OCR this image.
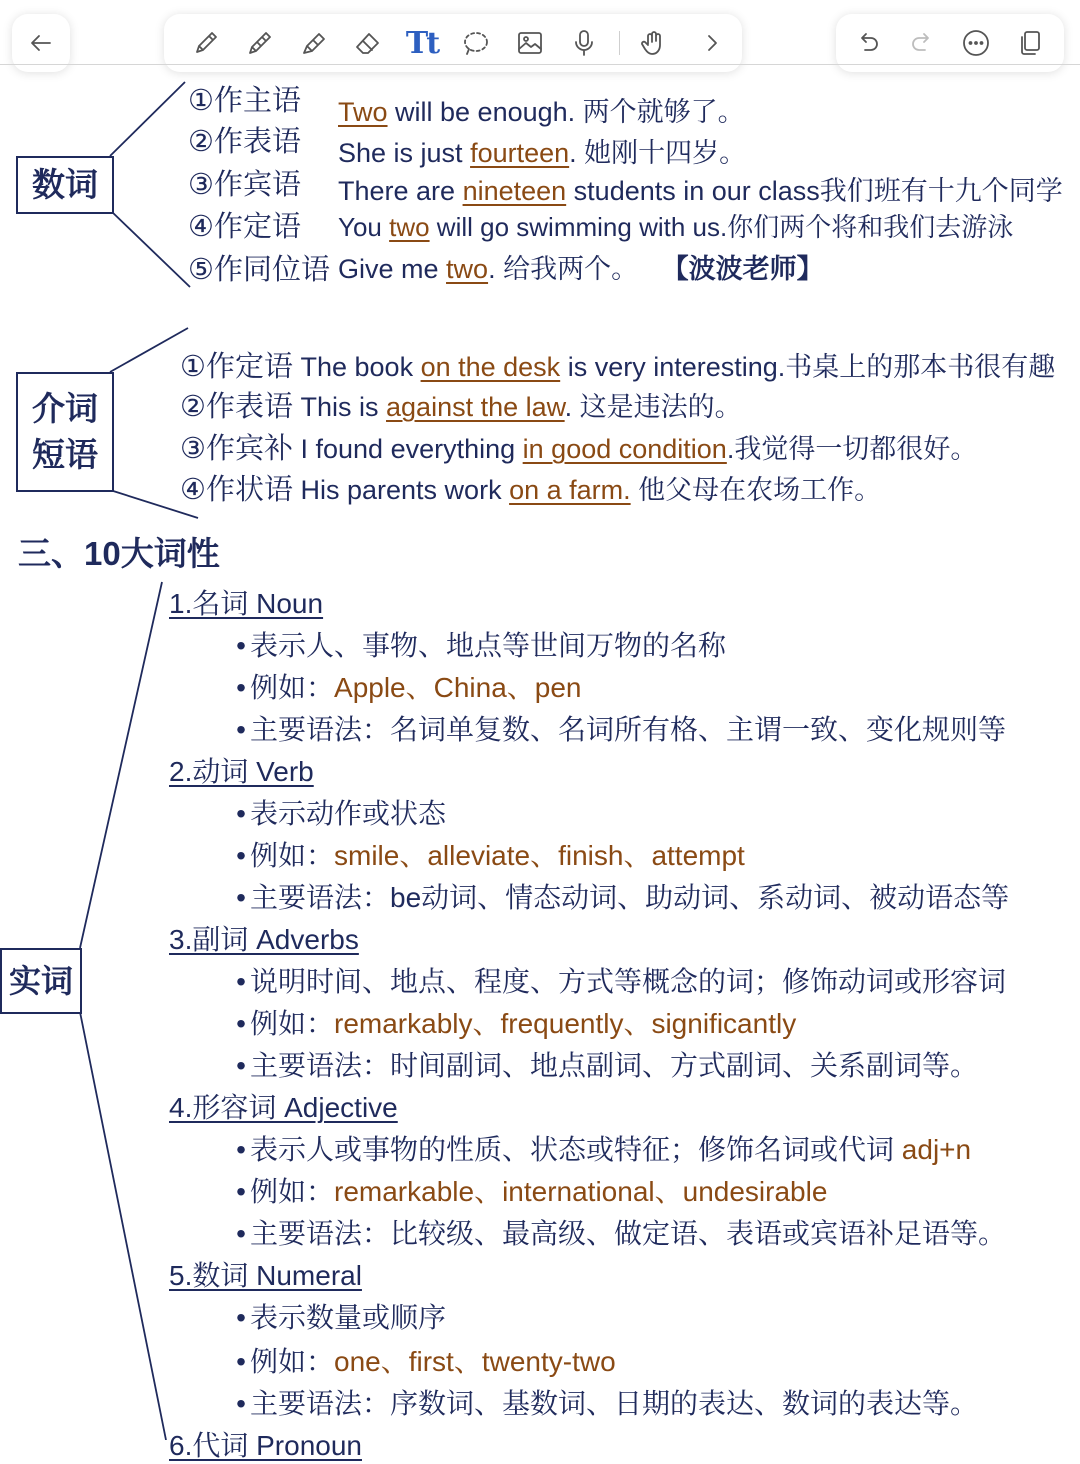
Tt
数词
①作主语
②作表语
③作宾语
④作定语
⑤作同位语
Two will be enough. 两个就够了。
She is just fourteen. 她刚十四岁。
There are nineteen students in our class我们班有十九个同学
You two will go swimming with us.你们两个将和我们去游泳
Give me two. 给我两个。 【波波老师】
介词
短语
①作定语 The book on the desk is very interesting.书桌上的那本书很有趣
②作表语 This is against the law. 这是违法的。
③作宾补 I found everything in good condition.我觉得一切都很好。
④作状语 His parents work on a farm. 他父母在农场工作。
三、10大词性
实词
1.名词 Noun
• 表示人、事物、地点等世间万物的名称
• 例如：Apple、China、pen
• 主要语法：名词单复数、名词所有格、主谓一致、变化规则等
2.动词 Verb
• 表示动作或状态
• 例如：smile、alleviate、finish、attempt
• 主要语法：be动词、情态动词、助动词、系动词、被动语态等
3.副词 Adverbs
• 说明时间、地点、程度、方式等概念的词；修饰动词或形容词
• 例如：remarkably、frequently、significantly
• 主要语法：时间副词、地点副词、方式副词、关系副词等。
4.形容词 Adjective
• 表示人或事物的性质、状态或特征；修饰名词或代词 adj+n
• 例如：remarkable、international、undesirable
• 主要语法：比较级、最高级、做定语、表语或宾语补足语等。
5.数词 Numeral
• 表示数量或顺序
• 例如：one、first、twenty-two
• 主要语法：序数词、基数词、日期的表达、数词的表达等。
6.代词 Pronoun
